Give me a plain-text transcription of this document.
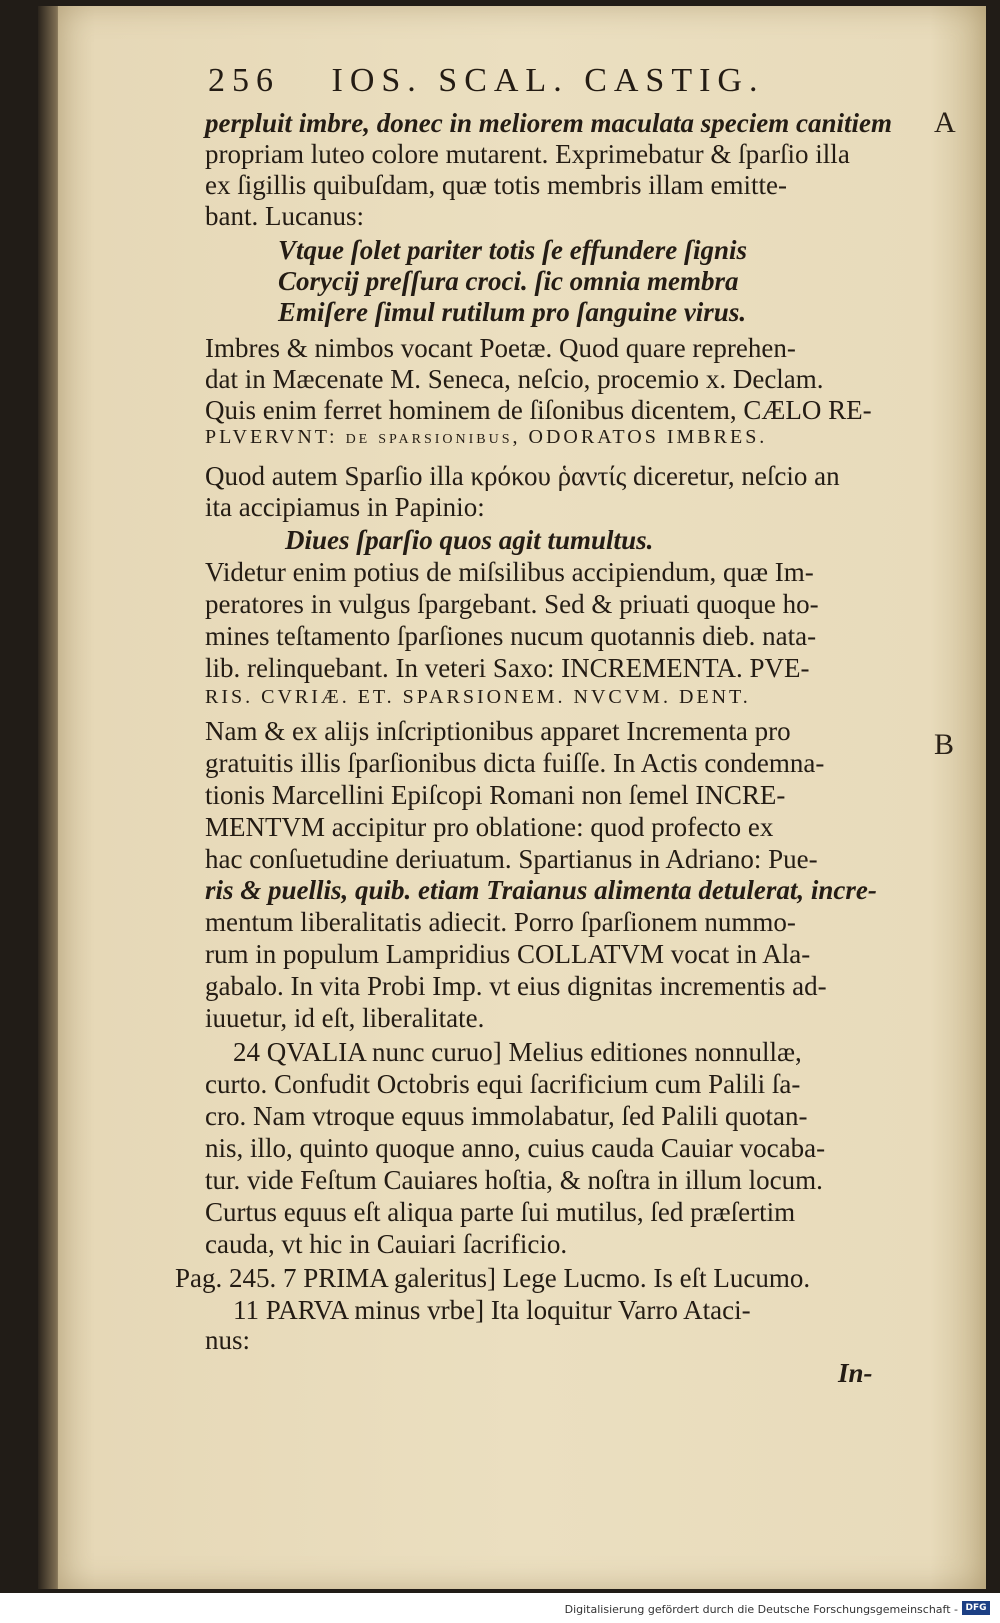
256 IOS. SCAL. CASTIG.
A
B
perpluit imbre, donec in meliorem maculata speciem canitiem
propriam luteo colore mutarent. Exprimebatur & ſparſio illa
ex ſigillis quibuſdam, quæ totis membris illam emitte-
bant. Lucanus:
Vtque ſolet pariter totis ſe effundere ſignis
Corycij preſſura croci. ſic omnia membra
Emiſere ſimul rutilum pro ſanguine virus.
Imbres & nimbos vocant Poetæ. Quod quare reprehen-
dat in Mæcenate M. Seneca, neſcio, procemio x. Declam.
Quis enim ferret hominem de ſiſonibus dicentem, CÆLO RE-
PLVERVNT: de ſparſionibus, ODORATOS IMBRES.
Quod autem Sparſio illa κρόκου ῥαντίς diceretur, neſcio an
ita accipiamus in Papinio:
Diues ſparſio quos agit tumultus.
Videtur enim potius de miſsilibus accipiendum, quæ Im-
peratores in vulgus ſpargebant. Sed & priuati quoque ho-
mines teſtamento ſparſiones nucum quotannis dieb. nata-
lib. relinquebant. In veteri Saxo: INCREMENTA. PVE-
RIS. CVRIÆ. ET. SPARSIONEM. NVCVM. DENT.
Nam & ex alijs inſcriptionibus apparet Incrementa pro
gratuitis illis ſparſionibus dicta fuiſſe. In Actis condemna-
tionis Marcellini Epiſcopi Romani non ſemel INCRE-
MENTVM accipitur pro oblatione: quod profecto ex
hac conſuetudine deriuatum. Spartianus in Adriano: Pue-
ris & puellis, quib. etiam Traianus alimenta detulerat, incre-
mentum liberalitatis adiecit. Porro ſparſionem nummo-
rum in populum Lampridius COLLATVM vocat in Ala-
gabalo. In vita Probi Imp. vt eius dignitas incrementis ad-
iuuetur, id eſt, liberalitate.
24 QVALIA nunc curuo] Melius editiones nonnullæ,
curto. Confudit Octobris equi ſacrificium cum Palili ſa-
cro. Nam vtroque equus immolabatur, ſed Palili quotan-
nis, illo, quinto quoque anno, cuius cauda Cauiar vocaba-
tur. vide Feſtum Cauiares hoſtia, & noſtra in illum locum.
Curtus equus eſt aliqua parte ſui mutilus, ſed præſertim
cauda, vt hic in Cauiari ſacrificio.
Pag. 245. 7 PRIMA galeritus] Lege Lucmo. Is eſt Lucumo.
11 PARVA minus vrbe] Ita loquitur Varro Ataci-
nus:
In-
Digitalisierung gefördert durch die Deutsche Forschungsgemeinschaft - DFG
